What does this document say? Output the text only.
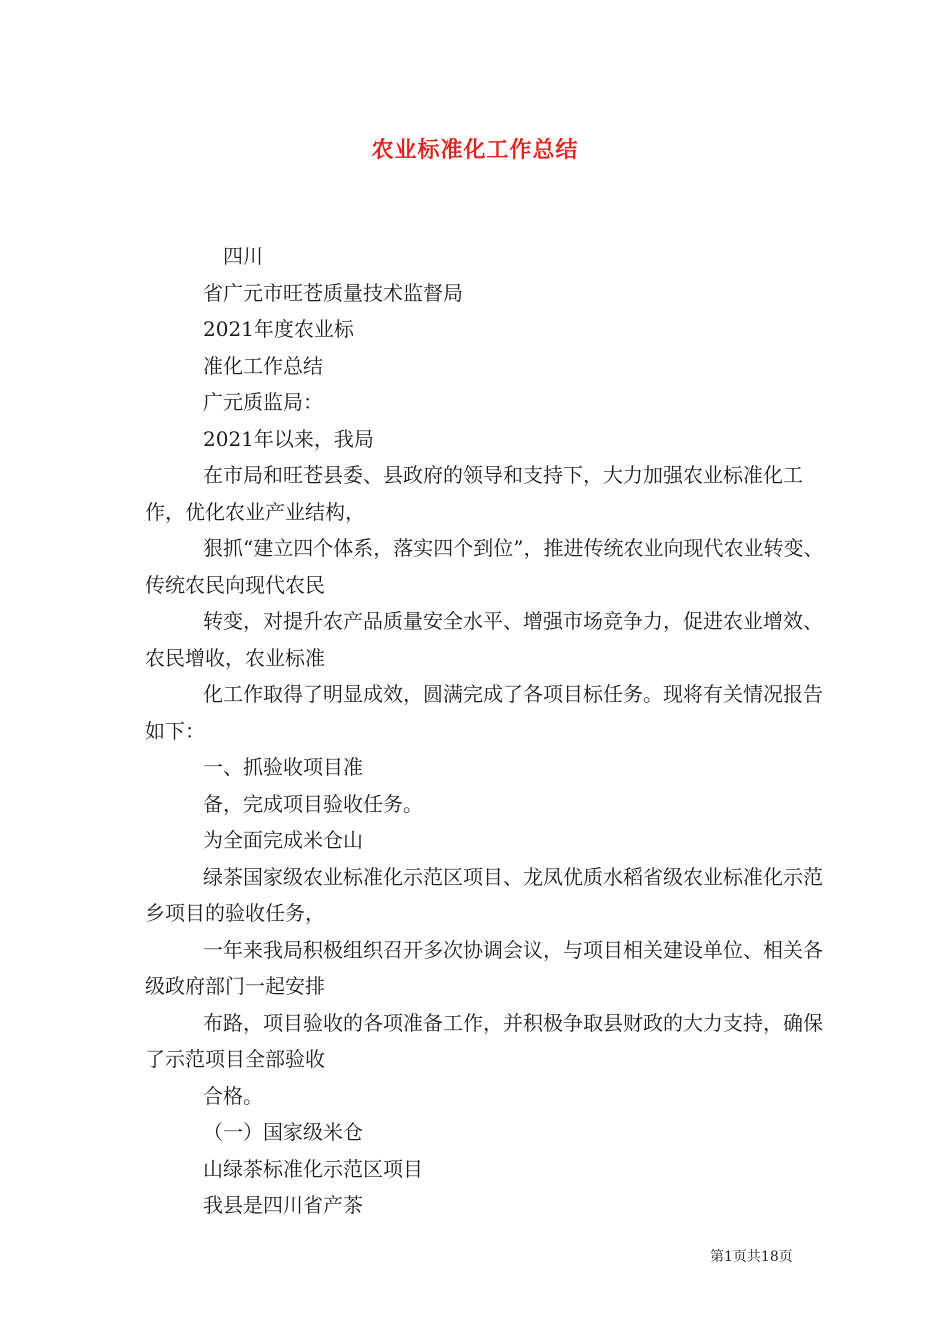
农业标准化工作总结

四川

省广元市旺苍质量技术监督局

2021年度农业标

准化工作总结

广元质监局：

2021年以来，我局

在市局和旺苍县委、县政府的领导和支持下，大力加强农业标准化工作，优化农业产业结构，

狠抓“建立四个体系，落实四个到位”，推进传统农业向现代农业转变、传统农民向现代农民

转变，对提升农产品质量安全水平、增强市场竞争力，促进农业增效、农民增收，农业标准

化工作取得了明显成效，圆满完成了各项目标任务。现将有关情况报告如下：

一、抓验收项目准

备，完成项目验收任务。

为全面完成米仓山

绿茶国家级农业标准化示范区项目、龙凤优质水稻省级农业标准化示范乡项目的验收任务，

一年来我局积极组织召开多次协调会议，与项目相关建设单位、相关各级政府部门一起安排

布路，项目验收的各项准备工作，并积极争取县财政的大力支持，确保了示范项目全部验收

合格。

（一）国家级米仓

山绿茶标准化示范区项目

我县是四川省产茶

第1页共18页
